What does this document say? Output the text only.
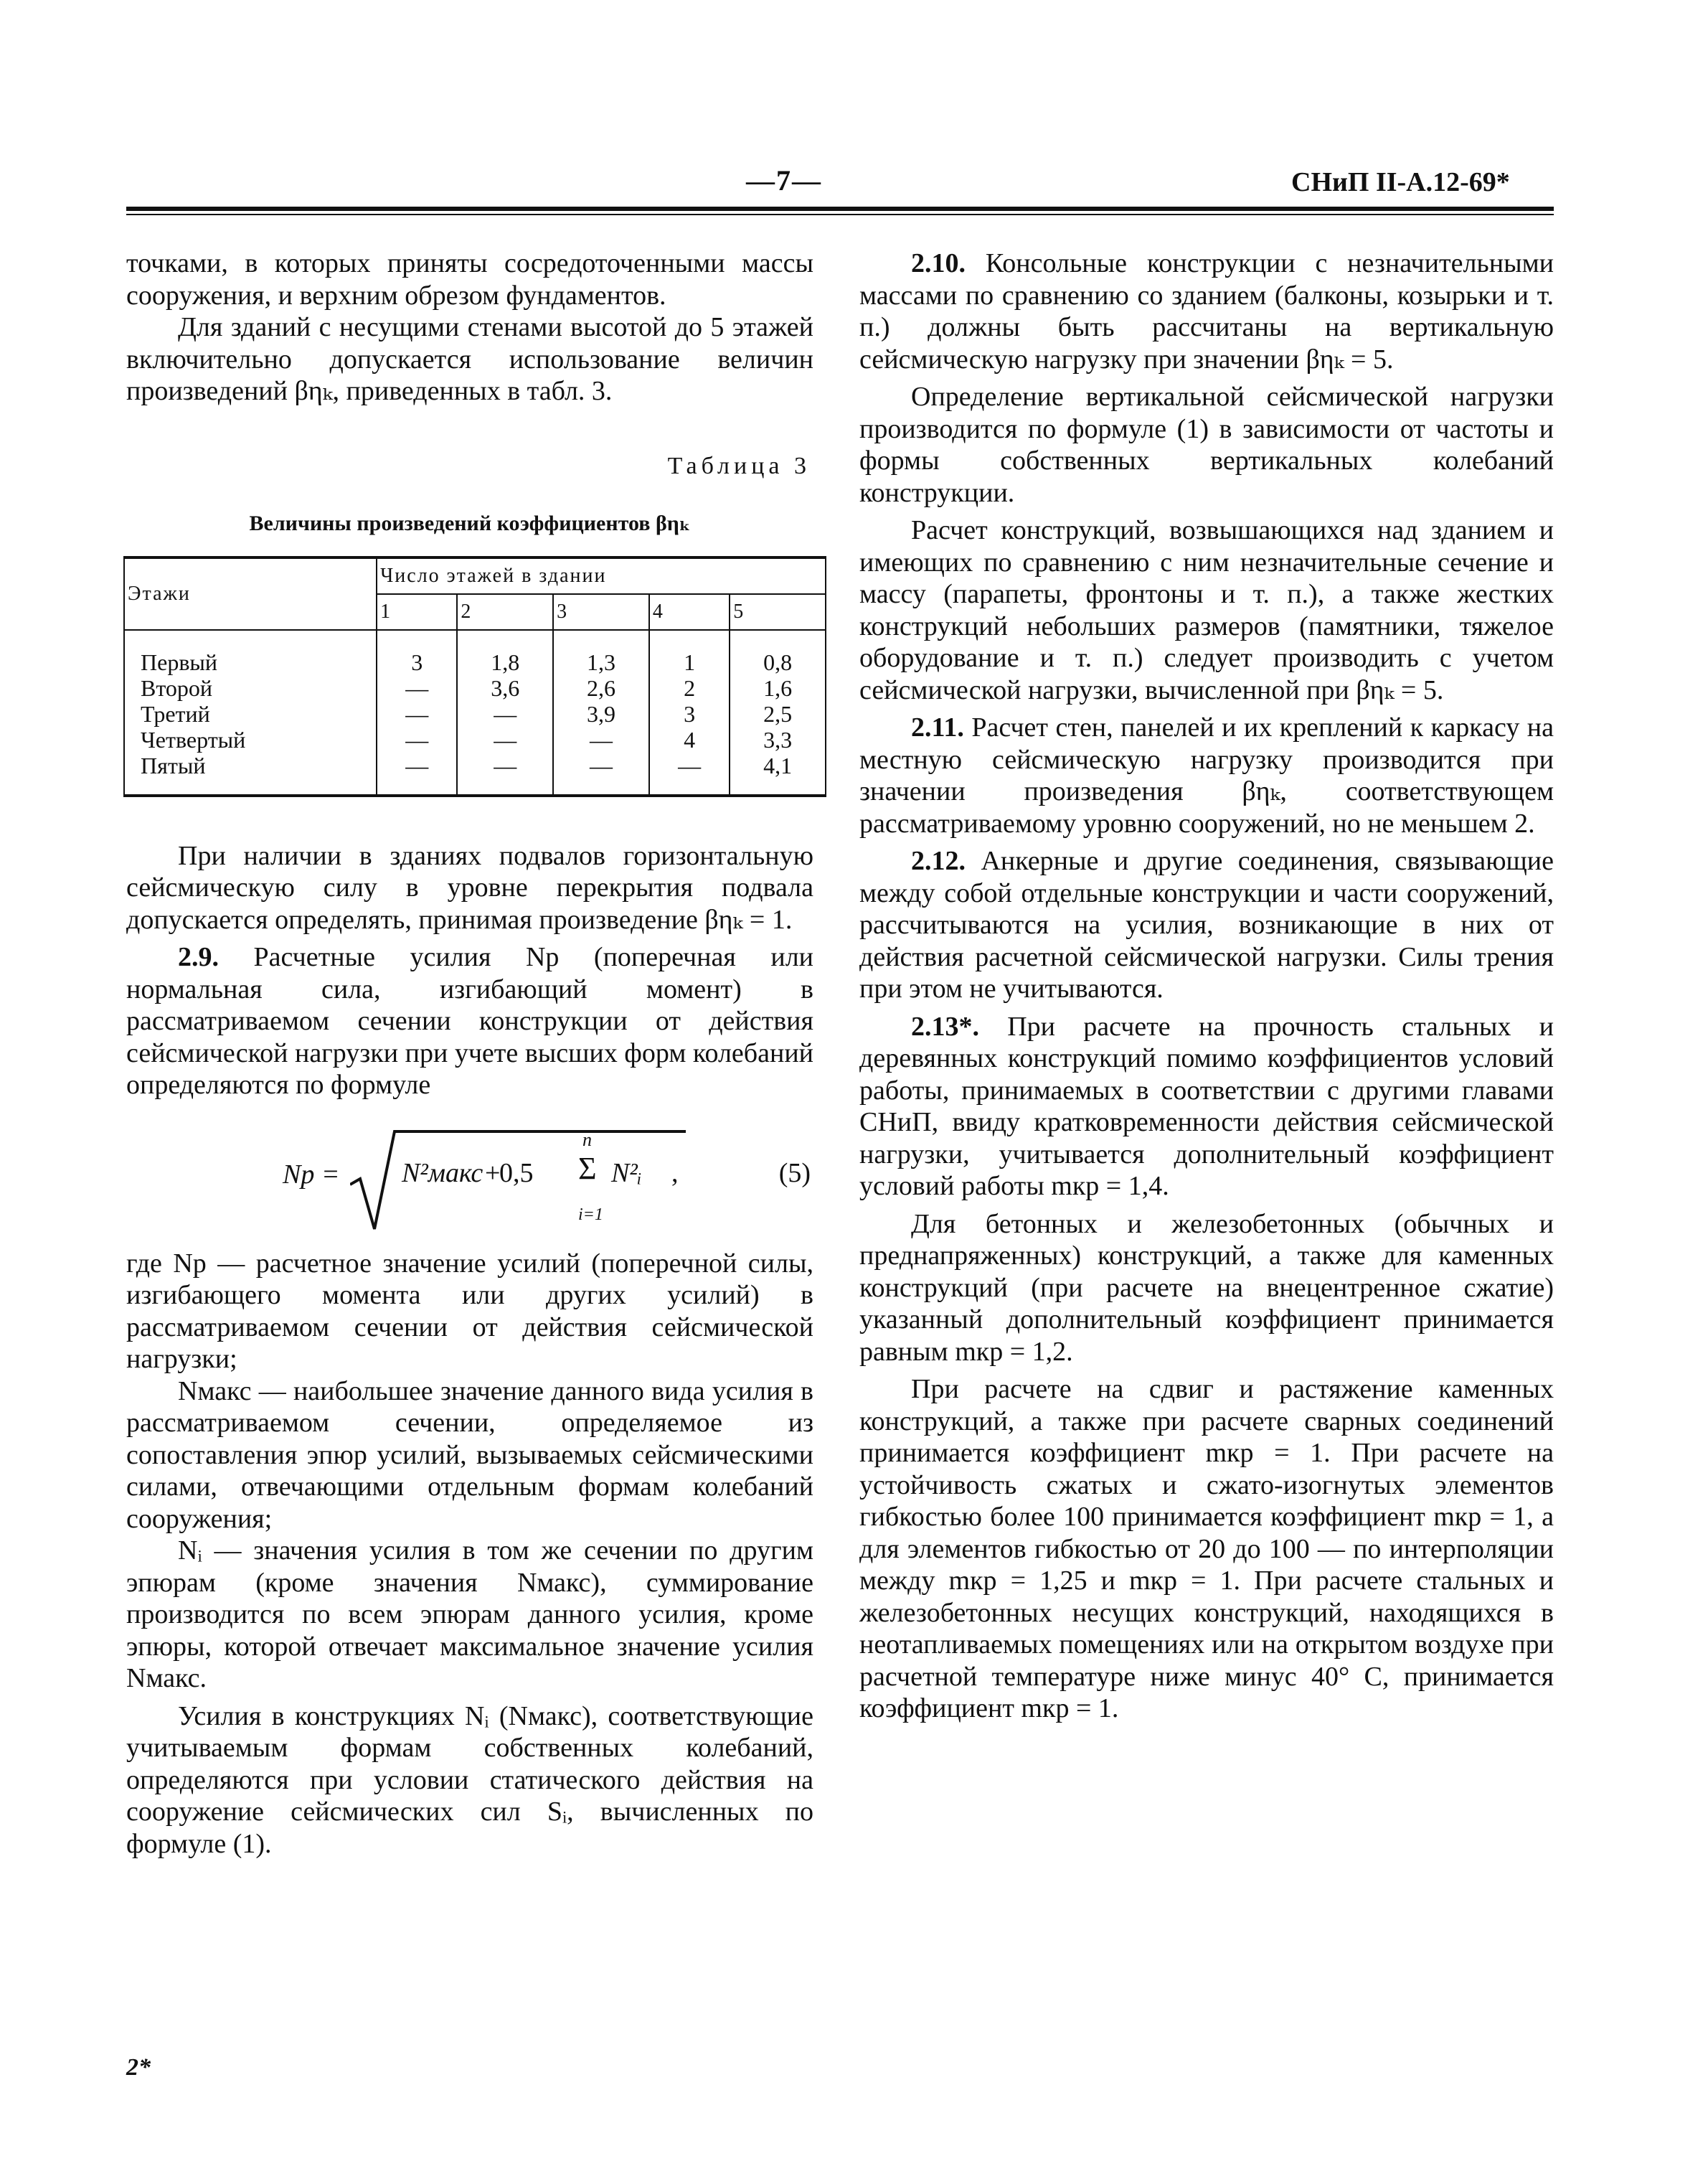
—7—	СНиП II-А.12-69*

точками, в которых приняты сосредоточенными массы сооружения, и верхним обрезом фундаментов.

Для зданий с несущими стенами высотой до 5 этажей включительно допускается использование величин произведений βηₖ, приведенных в табл. 3.

Таблица 3

Величины произведений коэффициентов βηₖ

Этажи	Число этажей в здании				
	1	2	3	4	5
Первый	3	1,8	1,3	1	0,8
Второй	—	3,6	2,6	2	1,6
Третий	—	—	3,9	3	2,5
Четвертый	—	—	—	4	3,3
Пятый	—	—	—	—	4,1

При наличии в зданиях подвалов горизонтальную сейсмическую силу в уровне перекрытия подвала допускается определять, принимая произведение βηₖ = 1.

2.9. Расчетные усилия Nр (поперечная или нормальная сила, изгибающий момент) в рассматриваемом сечении конструкции от действия сейсмической нагрузки при учете высших форм колебаний определяются по формуле

Nр = N²макс +
0,5
n
Σ
i=1
N²ᵢ ,	(5)

где Nр — расчетное значение усилий (поперечной силы, изгибающего момента или других усилий) в рассматриваемом сечении от действия сейсмической нагрузки;

Nмакс — наибольшее значение данного вида усилия в рассматриваемом сечении, определяемое из сопоставления эпюр усилий, вызываемых сейсмическими силами, отвечающими отдельным формам колебаний сооружения;

Nᵢ — значения усилия в том же сечении по другим эпюрам (кроме значения Nмакс), суммирование производится по всем эпюрам данного усилия, кроме эпюры, которой отвечает максимальное значение усилия Nмакс.

Усилия в конструкциях Nᵢ (Nмакс), соответствующие учитываемым формам собственных колебаний, определяются при условии статического действия на сооружение сейсмических сил Sᵢ, вычисленных по формуле (1).

2*

2.10. Консольные конструкции с незначительными массами по сравнению со зданием (балконы, козырьки и т. п.) должны быть рассчитаны на вертикальную сейсмическую нагрузку при значении βηₖ = 5.

Определение вертикальной сейсмической нагрузки производится по формуле (1) в зависимости от частоты и формы собственных вертикальных колебаний конструкции.

Расчет конструкций, возвышающихся над зданием и имеющих по сравнению с ним незначительные сечение и массу (парапеты, фронтоны и т. п.), а также жестких конструкций небольших размеров (памятники, тяжелое оборудование и т. п.) следует производить с учетом сейсмической нагрузки, вычисленной при βηₖ = 5.

2.11. Расчет стен, панелей и их креплений к каркасу на местную сейсмическую нагрузку производится при значении произведения βηₖ, соответствующем рассматриваемому уровню сооружений, но не меньшем 2.

2.12. Анкерные и другие соединения, связывающие между собой отдельные конструкции и части сооружений, рассчитываются на усилия, возникающие в них от действия расчетной сейсмической нагрузки. Силы трения при этом не учитываются.

2.13*. При расчете на прочность стальных и деревянных конструкций помимо коэффициентов условий работы, принимаемых в соответствии с другими главами СНиП, ввиду кратковременности действия сейсмической нагрузки, учитывается дополнительный коэффициент условий работы mкр = 1,4.

Для бетонных и железобетонных (обычных и преднапряженных) конструкций, а также для каменных конструкций (при расчете на внецентренное сжатие) указанный дополнительный коэффициент принимается равным mкр = 1,2.

При расчете на сдвиг и растяжение каменных конструкций, а также при расчете сварных соединений принимается коэффициент mкр = 1. При расчете на устойчивость сжатых и сжато-изогнутых элементов гибкостью более 100 принимается коэффициент mкр = 1, а для элементов гибкостью от 20 до 100 — по интерполяции между mкр = 1,25 и mкр = 1. При расчете стальных и железобетонных несущих конструкций, находящихся в неотапливаемых помещениях или на открытом воздухе при расчетной температуре ниже минус 40° С, принимается коэффициент mкр = 1.
